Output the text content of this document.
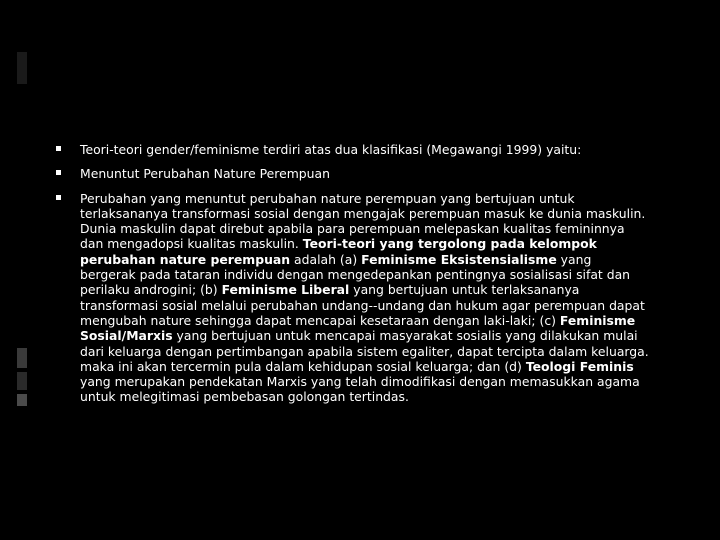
Teori-teori gender/feminisme terdiri atas dua klasifikasi (Megawangi 1999) yaitu:

Menuntut Perubahan Nature Perempuan

Perubahan yang menuntut perubahan nature perempuan yang bertujuan untuk terlaksananya transformasi sosial dengan mengajak perempuan masuk ke dunia maskulin. Dunia maskulin dapat direbut apabila para perempuan melepaskan kualitas femininnya dan mengadopsi kualitas maskulin. Teori-teori yang tergolong pada kelompok perubahan nature perempuan adalah (a) Feminisme Eksistensialisme yang bergerak pada tataran individu dengan mengedepankan pentingnya sosialisasi sifat dan perilaku androgini; (b) Feminisme Liberal yang bertujuan untuk terlaksananya transformasi sosial melalui perubahan undang--undang dan hukum agar perempuan dapat mengubah nature sehingga dapat mencapai kesetaraan dengan laki-laki; (c) Feminisme Sosial/Marxis yang bertujuan untuk mencapai masyarakat sosialis yang dilakukan mulai dari keluarga dengan pertimbangan apabila sistem egaliter, dapat tercipta dalam keluarga. maka ini akan tercermin pula dalam kehidupan sosial keluarga; dan (d) Teologi Feminis yang merupakan pendekatan Marxis yang telah dimodifikasi dengan memasukkan agama untuk melegitimasi pembebasan golongan tertindas.
